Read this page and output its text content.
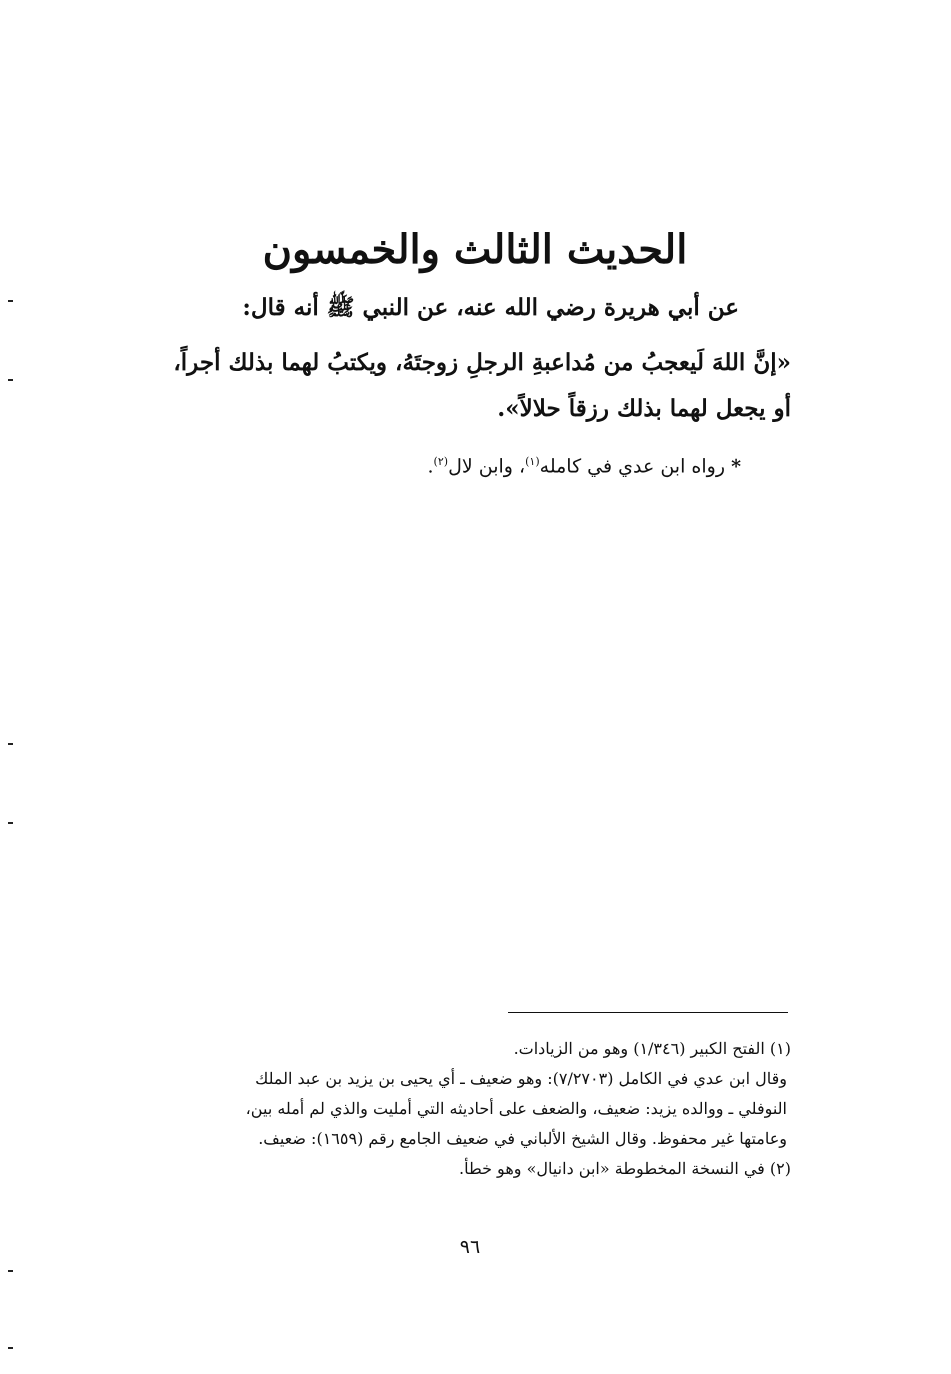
الحديث الثالث والخمسون
عن أبي هريرة رضي الله عنه، عن النبي ﷺ أنه قال:
«إنَّ اللهَ لَيعجبُ من مُداعبةِ الرجلِ زوجتَهُ، ويكتبُ لهما بذلك أجراً،
أو يجعل لهما بذلك رزقاً حلالاً».
* رواه ابن عدي في كامله$^{(١)}$، وابن لال$^{(٢)}$.
(١) الفتح الكبير (١/٣٤٦) وهو من الزيادات.
وقال ابن عدي في الكامل (٧/٢٧٠٣): وهو ضعيف ـ أي يحيى بن يزيد بن عبد الملك
النوفلي ـ ووالده يزيد: ضعيف، والضعف على أحاديثه التي أمليت والذي لم أمله بين،
وعامتها غير محفوظ. وقال الشيخ الألباني في ضعيف الجامع رقم (١٦٥٩): ضعيف.
(٢) في النسخة المخطوطة «ابن دانيال» وهو خطأ.
٩٦
